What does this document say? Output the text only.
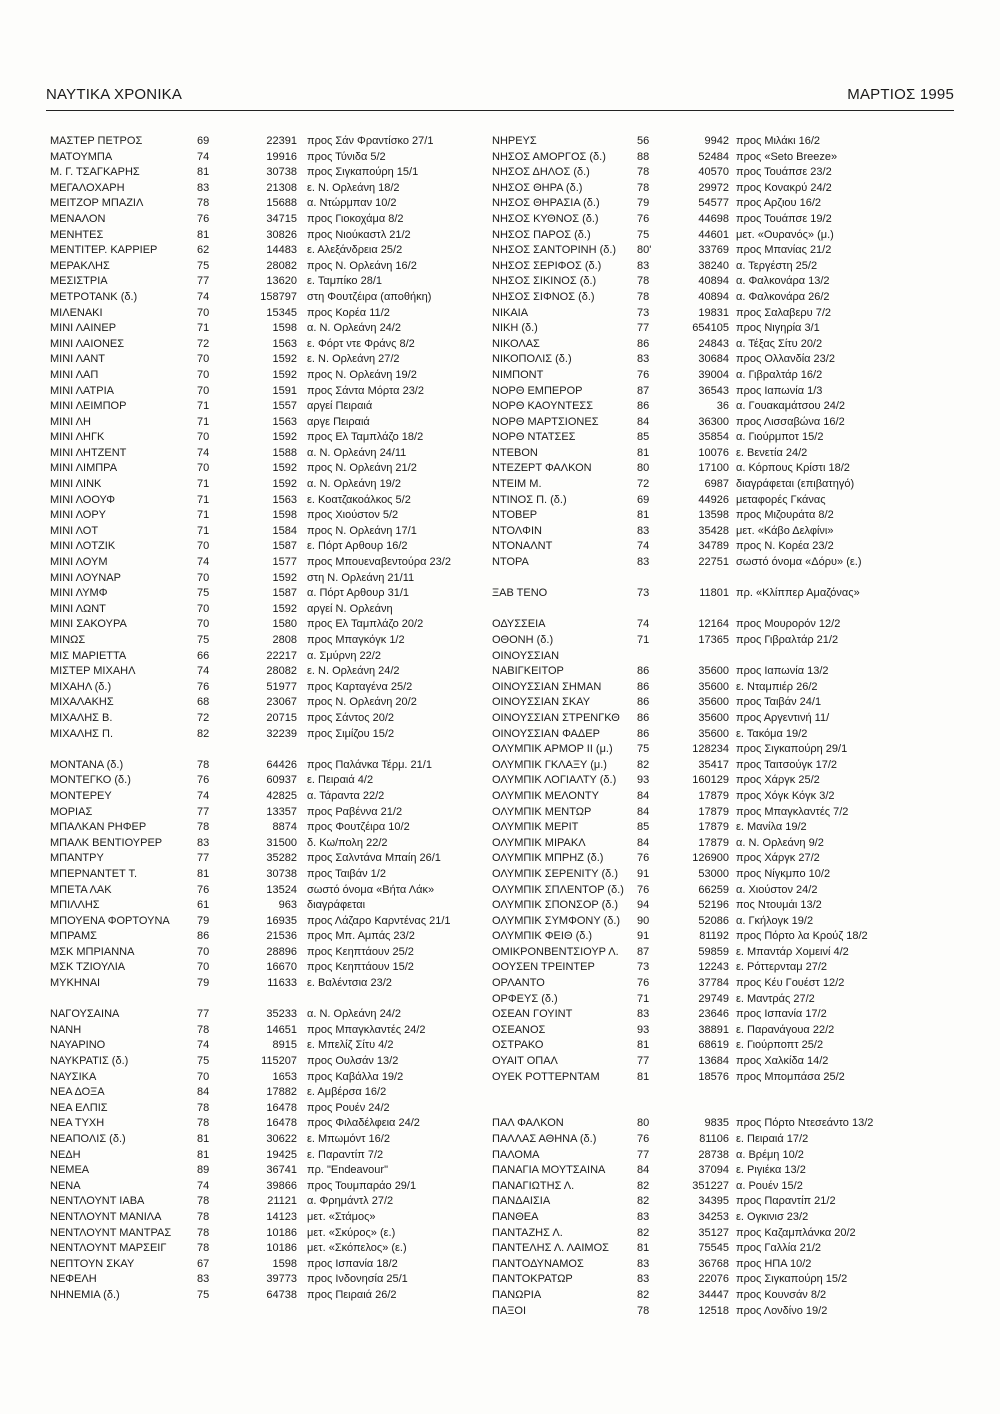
ΝΑΥΤΙΚΑ ΧΡΟΝΙΚΑ	ΜΑΡΤΙΟΣ 1995
ΜΑΣΤΕΡ ΠΕΤΡΟΣ	69	22391 προς Σάν Φραντίσκο 27/1
ΜΑΤΟΥΜΠΑ	74	19916 προς Τύνιδα 5/2
Μ. Γ. ΤΣΑΓΚΑΡΗΣ	81	30738 προς Σιγκαπούρη 15/1
ΜΕΓΑΛΟΧΑΡΗ	83	21308 ε. Ν. Ορλεάνη 18/2
ΜΕΙΤΖΟΡ ΜΠΑΖΙΛ	78	15688 α. Ντώρμπαν 10/2
ΜΕΝΑΛΟΝ	76	34715 προς Γιοκοχάμα 8/2
ΜΕΝΗΤΕΣ	81	30826 προς Νιούκαστλ 21/2
ΜΕΝΤΙΤΕΡ. ΚΑΡΡΙΕΡ	62	14483 ε. Αλεξάνδρεια 25/2
ΜΕΡΑΚΛΗΣ	75	28082 προς Ν. Ορλεάνη 16/2
ΜΕΣΙΣΤΡΙΑ	77	13620 ε. Ταμπίκο 28/1
ΜΕΤΡΟΤΑΝΚ (δ.)	74	158797 στη Φουτζέιρα (αποθήκη)
ΜΙΛΕΝΑΚΙ	70	15345 προς Κορέα 11/2
ΜΙΝΙ ΛΑΙΝΕΡ	71	1598 α. Ν. Ορλεάνη 24/2
ΜΙΝΙ ΛΑΙΟΝΕΣ	72	1563 ε. Φόρτ ντε Φράνς 8/2
ΜΙΝΙ ΛΑΝΤ	70	1592 ε. Ν. Ορλεάνη 27/2
ΜΙΝΙ ΛΑΠ	70	1592 προς Ν. Ορλεάνη 19/2
ΜΙΝΙ ΛΑΤΡΙΑ	70	1591 προς Σάντα Μόρτα 23/2
ΜΙΝΙ ΛΕΙΜΠΟΡ	71	1557 αργεί Πειραιά
ΜΙΝΙ ΛΗ	71	1563 αργε Πειραιά
ΜΙΝΙ ΛΗΓΚ	70	1592 προς Ελ Ταμπλάζο 18/2
ΜΙΝΙ ΛΗΤΖΕΝΤ	74	1588 α. Ν. Ορλεάνη 24/11
ΜΙΝΙ ΛΙΜΠΡΑ	70	1592 προς Ν. Ορλεάνη 21/2
ΜΙΝΙ ΛΙΝΚ	71	1592 α. Ν. Ορλεάνη 19/2
ΜΙΝΙ ΛΟΟΥΦ	71	1563 ε. Κοατζακοάλκος 5/2
ΜΙΝΙ ΛΟΡΥ	71	1598 προς Χιούστον 5/2
ΜΙΝΙ ΛΟΤ	71	1584 προς Ν. Ορλεάνη 17/1
ΜΙΝΙ ΛΟΤΖΙΚ	70	1587 ε. Πόρτ Αρθουρ 16/2
ΜΙΝΙ ΛΟΥΜ	74	1577 προς Μπουεναβεντούρα 23/2
ΜΙΝΙ ΛΟΥΝΑΡ	70	1592 στη Ν. Ορλεάνη 21/11
ΜΙΝΙ ΛΥΜΦ	75	1587 α. Πόρτ Αρθουρ 31/1
ΜΙΝΙ ΛΩΝΤ	70	1592 αργεί Ν. Ορλεάνη
ΜΙΝΙ ΣΑΚΟΥΡΑ	70	1580 προς Ελ Ταμπλάζο 20/2
ΜΙΝΩΣ	75	2808 προς Μπαγκόγκ 1/2
ΜΙΣ ΜΑΡΙΕΤΤΑ	66	22217 α. Σμύρνη 22/2
ΜΙΣΤΕΡ ΜΙΧΑΗΛ	74	28082 ε. Ν. Ορλεάνη 24/2
ΜΙΧΑΗΛ (δ.)	76	51977 προς Καρταγένα 25/2
ΜΙΧΑΛΑΚΗΣ	68	23067 προς Ν. Ορλεάνη 20/2
ΜΙΧΑΛΗΣ Β.	72	20715 προς Σάντος 20/2
ΜΙΧΑΛΗΣ Π.	82	32239 προς Σιμίζου 15/2
ΜΟΝΤΑΝΑ (δ.)	78	64426 προς Παλάνκα Τέρμ. 21/1
ΜΟΝΤΕΓΚΟ (δ.)	76	60937 ε. Πειραιά 4/2
ΜΟΝΤΕΡΕΥ	74	42825 α. Τάραντα 22/2
ΜΟΡΙΑΣ	77	13357 προς Ραβέννα 21/2
ΜΠΑΛΚΑΝ ΡΗΦΕΡ	78	8874 προς Φουτζέιρα 10/2
ΜΠΑΛΚ ΒΕΝΤΙΟΥΡΕΡ	83	31500 δ. Κω/πολη 22/2
ΜΠΑΝΤΡΥ	77	35282 προς Σαλντάνα Μπαίη 26/1
ΜΠΕΡΝΑΝΤΕΤ Τ.	81	30738 προς Ταιβάν 1/2
ΜΠΕΤΑ ΛΑΚ	76	13524 σωστό όνομα «Βήτα Λάκ»
ΜΠΙΛΛΗΣ	61	963 διαγράφεται
ΜΠΟΥΕΝΑ ΦΟΡΤΟΥΝΑ 79	16935 προς Λάζαρο Καρντένας 21/1
ΜΠΡΑΜΣ	86	21536 προς Μπ. Αμπάς 23/2
ΜΣΚ ΜΠΡΙΑΝΝΑ	70	28896 προς Κεηπτάουν 25/2
ΜΣΚ ΤΖΙΟΥΛΙΑ	70	16670 προς Κεηπτάουν 15/2
ΜΥΚΗΝΑΙ	79	11633 ε. Βαλέντσια 23/2
ΝΑΓΟΥΣΑΙΝΑ	77	35233 α. Ν. Ορλεάνη 24/2
ΝΑΝΗ	78	14651 προς Μπαγκλαντές 24/2
ΝΑΥΑΡΙΝΟ	74	8915 ε. Μπελίζ Σίτυ 4/2
ΝΑΥΚΡΑΤΙΣ (δ.)	75	115207 προς Ουλσάν 13/2
ΝΑΥΣΙΚΑ	70	1653 προς Καβάλλα 19/2
ΝΕΑ ΔΟΞΑ	84	17882 ε. Αμβέρσα 16/2
ΝΕΑ ΕΛΠΙΣ	78	16478 προς Ρουέν 24/2
ΝΕΑ ΤΥΧΗ	78	16478 προς Φιλαδέλφεια 24/2
ΝΕΑΠΟΛΙΣ (δ.)	81	30622 ε. Μπωμόντ 16/2
ΝΕΔΗ	81	19425 ε. Παραντίπ 7/2
ΝΕΜΕΑ	89	36741 πρ. "Endeavour"
ΝΕΝΑ	74	39866 προς Τουμπαράο 29/1
ΝΕΝΤΛΟΥΝΤ ΙΑΒΑ	78	21121 α. Φρημάντλ 27/2
ΝΕΝΤΛΟΥΝΤ ΜΑΝΙΛΑ	78	14123 μετ. «Στάμος»
ΝΕΝΤΛΟΥΝΤ ΜΑΝΤΡΑΣ 78	10186 μετ. «Σκύρος» (ε.)
ΝΕΝΤΛΟΥΝΤ ΜΑΡΣΕΙΓ	78	10186 μετ. «Σκόπελος» (ε.)
ΝΕΠΤΟΥΝ ΣΚΑΥ	67	1598 προς Ισπανία 18/2
ΝΕΦΕΛΗ	83	39773 προς Ινδονησία 25/1
ΝΗΝΕΜΙΑ (δ.)	75	64738 προς Πειραιά 26/2
ΝΗΡΕΥΣ	56	9942 προς Μιλάκι 16/2
ΝΗΣΟΣ ΑΜΟΡΓΟΣ (δ.)	88	52484 προς «Seto Breeze»
ΝΗΣΟΣ ΔΗΛΟΣ (δ.)	78	40570 προς Τουάπσε 23/2
ΝΗΣΟΣ ΘΗΡΑ (δ.)	78	29972 προς Κονακρύ 24/2
ΝΗΣΟΣ ΘΗΡΑΣΙΑ (δ.)	79	54577 προς Αρζιου 16/2
ΝΗΣΟΣ ΚΥΘΝΟΣ (δ.)	76	44698 προς Τουάπσε 19/2
ΝΗΣΟΣ ΠΑΡΟΣ (δ.)	75	44601 μετ. «Ουρανός» (μ.)
ΝΗΣΟΣ ΣΑΝΤΟΡΙΝΗ (δ.) 80'	33769 προς Μπανίας 21/2
ΝΗΣΟΣ ΣΕΡΙΦΟΣ (δ.)	83	38240 α. Τεργέστη 25/2
ΝΗΣΟΣ ΣΙΚΙΝΟΣ (δ.)	78	40894 α. Φαλκονάρα 13/2
ΝΗΣΟΣ ΣΙΦΝΟΣ (δ.)	78	40894 α. Φαλκονάρα 26/2
ΝΙΚΑΙΑ	73	19831 προς Σαλαβερυ 7/2
ΝΙΚΗ (δ.)	77	654105 προς Νιγηρία 3/1
ΝΙΚΟΛΑΣ	86	24843 α. Τέξας Σίτυ 20/2
ΝΙΚΟΠΟΛΙΣ (δ.)	83	30684 προς Ολλανδία 23/2
ΝΙΜΠΟΝΤ	76	39004 α. Γιβραλτάρ 16/2
ΝΟΡΘ ΕΜΠΕΡΟΡ	87	36543 προς Ιαπωνία 1/3
ΝΟΡΘ ΚΑΟΥΝΤΕΣΣ	86	36 α. Γουακαμάτσου 24/2
ΝΟΡΘ ΜΑΡΤΣΙΟΝΕΣ	84	36300 προς Λισσαβώνα 16/2
ΝΟΡΘ ΝΤΑΤΣΕΣ	85	35854 α. Γιούρμποτ 15/2
ΝΤΕΒΟΝ	81	10076 ε. Βενετία 24/2
ΝΤΕΖΕΡΤ ΦΑΛΚΟΝ	80	17100 α. Κόρπους Κρίστι 18/2
ΝΤΕΙΜ Μ.	72	6987 διαγράφεται (επιβατηγό)
ΝΤΙΝΟΣ Π. (δ.)	69	44926 μεταφορές Γκάνας
ΝΤΟΒΕΡ	81	13598 προς Μιζουράτα 8/2
ΝΤΟΛΦΙΝ	83	35428 μετ. «Κάβο Δελφίνι»
ΝΤΟΝΑΛΝΤ	74	34789 προς Ν. Κορέα 23/2
ΝΤΟΡΑ	83	22751 σωστό όνομα «Δόρυ» (ε.)
ΞΑΒ ΤΕΝΟ	73	11801 πρ. «Κλίππερ Αμαζόνας»
ΟΔΥΣΣΕΙΑ	74	12164 προς Μουρορόν 12/2
ΟΘΟΝΗ (δ.)	71	17365 προς Γιβραλτάρ 21/2
ΟΙΝΟΥΣΣΙΑΝ
ΝΑΒΙΓΚΕΙΤΟΡ	86	35600 προς Ιαπωνία 13/2
ΟΙΝΟΥΣΣΙΑΝ ΣΗΜΑΝ	86	35600 ε. Νταμπιέρ 26/2
ΟΙΝΟΥΣΣΙΑΝ ΣΚΑΥ	86	35600 προς Ταιβάν 24/1
ΟΙΝΟΥΣΣΙΑΝ ΣΤΡΕΝΓΚΘ 86	35600 προς Αργεντινή 11/
ΟΙΝΟΥΣΣΙΑΝ ΦΑΔΕΡ	86	35600 ε. Τακόμα 19/2
ΟΛΥΜΠΙΚ ΑΡΜΟΡ II (μ.) 75	128234 προς Σιγκαπούρη 29/1
ΟΛΥΜΠΙΚ ΓΚΛΑΞΥ (μ.)	82	35417 προς Ταιτσούγκ 17/2
ΟΛΥΜΠΙΚ ΛΟΓΙΑΛΤΥ (δ.) 93	160129 προς Χάργκ 25/2
ΟΛΥΜΠΙΚ ΜΕΛΟΝΤΥ	84	17879 προς Χόγκ Κόγκ 3/2
ΟΛΥΜΠΙΚ ΜΕΝΤΩΡ	84	17879 προς Μπαγκλαντές 7/2
ΟΛΥΜΠΙΚ ΜΕΡΙΤ	85	17879 ε. Μανίλα 19/2
ΟΛΥΜΠΙΚ ΜΙΡΑΚΛ	84	17879 α. Ν. Ορλεάνη 9/2
ΟΛΥΜΠΙΚ ΜΠΡΗΖ (δ.)	76	126900 προς Χάργκ 27/2
ΟΛΥΜΠΙΚ ΣΕΡΕΝΙΤΥ (δ.) 91	53000 προς Νίγκμπο 10/2
ΟΛΥΜΠΙΚ ΣΠΛΕΝΤΟΡ (δ.) 76	66259 α. Χιούστον 24/2
ΟΛΥΜΠΙΚ ΣΠΟΝΣΟΡ (δ.) 94	52196 πος Ντουμάι 13/2
ΟΛΥΜΠΙΚ ΣΥΜΦΟΝΥ (δ.) 90	52086 α. Γκήλογκ 19/2
ΟΛΥΜΠΙΚ ΦΕΙΘ (δ.)	91	81192 προς Πόρτο λα Κρούζ 18/2
ΟΜΙΚΡΟΝΒΕΝΤΣΙΟΥΡ Λ. 87	59859 ε. Μπαντάρ Χομεινί 4/2
ΟΟΥΣΕΝ ΤΡΕΙΝΤΕΡ	73	12243 ε. Ρόττερνταμ 27/2
ΟΡΛΑΝΤΟ	76	37784 προς Κέυ Γουέστ 12/2
ΟΡΦΕΥΣ (δ.)	71	29749 ε. Μαντράς 27/2
ΟΣΕΑΝ ΓΟΥΙΝΤ	83	23646 προς Ισπανία 17/2
ΟΣΕΑΝΟΣ	93	38891 ε. Παρανάγουα 22/2
ΟΣΤΡΑΚΟ	81	68619 ε. Γιούρποπτ 25/2
ΟΥΑΙΤ ΟΠΑΛ	77	13684 προς Χαλκίδα 14/2
ΟΥΕΚ ΡΟΤΤΕΡΝΤΑΜ	81	18576 προς Μπομπάσα 25/2
ΠΑΛ ΦΑΛΚΟΝ	80	9835 προς Πόρτο Ντεσεάντο 13/2
ΠΑΛΛΑΣ ΑΘΗΝΑ (δ.)	76	81106 ε. Πειραιά 17/2
ΠΑΛΟΜΑ	77	28738 α. Βρέμη 10/2
ΠΑΝΑΓΙΑ ΜΟΥΤΣΑΙΝΑ	84	37094 ε. Ριγιέκα 13/2
ΠΑΝΑΓΙΩΤΗΣ Λ.	82	351227 α. Ρουέν 15/2
ΠΑΝΔΑΙΣΙΑ	82	34395 προς Παραντίπ 21/2
ΠΑΝΘΕΑ	83	34253 ε. Ογκινισ 23/2
ΠΑΝΤΑΖΗΣ Λ.	82	35127 προς Καζαμπλάνκα 20/2
ΠΑΝΤΕΛΗΣ Λ. ΛΑΙΜΟΣ	81	75545 προς Γαλλία 21/2
ΠΑΝΤΟΔΥΝΑΜΟΣ	83	36768 προς ΗΠΑ 10/2
ΠΑΝΤΟΚΡΑΤΩΡ	83	22076 προς Σιγκαπούρη 15/2
ΠΑΝΩΡΙΑ	82	34447 προς Κουνσάν 8/2
ΠΑΞΟΙ	78	12518 προς Λονδίνο 19/2
